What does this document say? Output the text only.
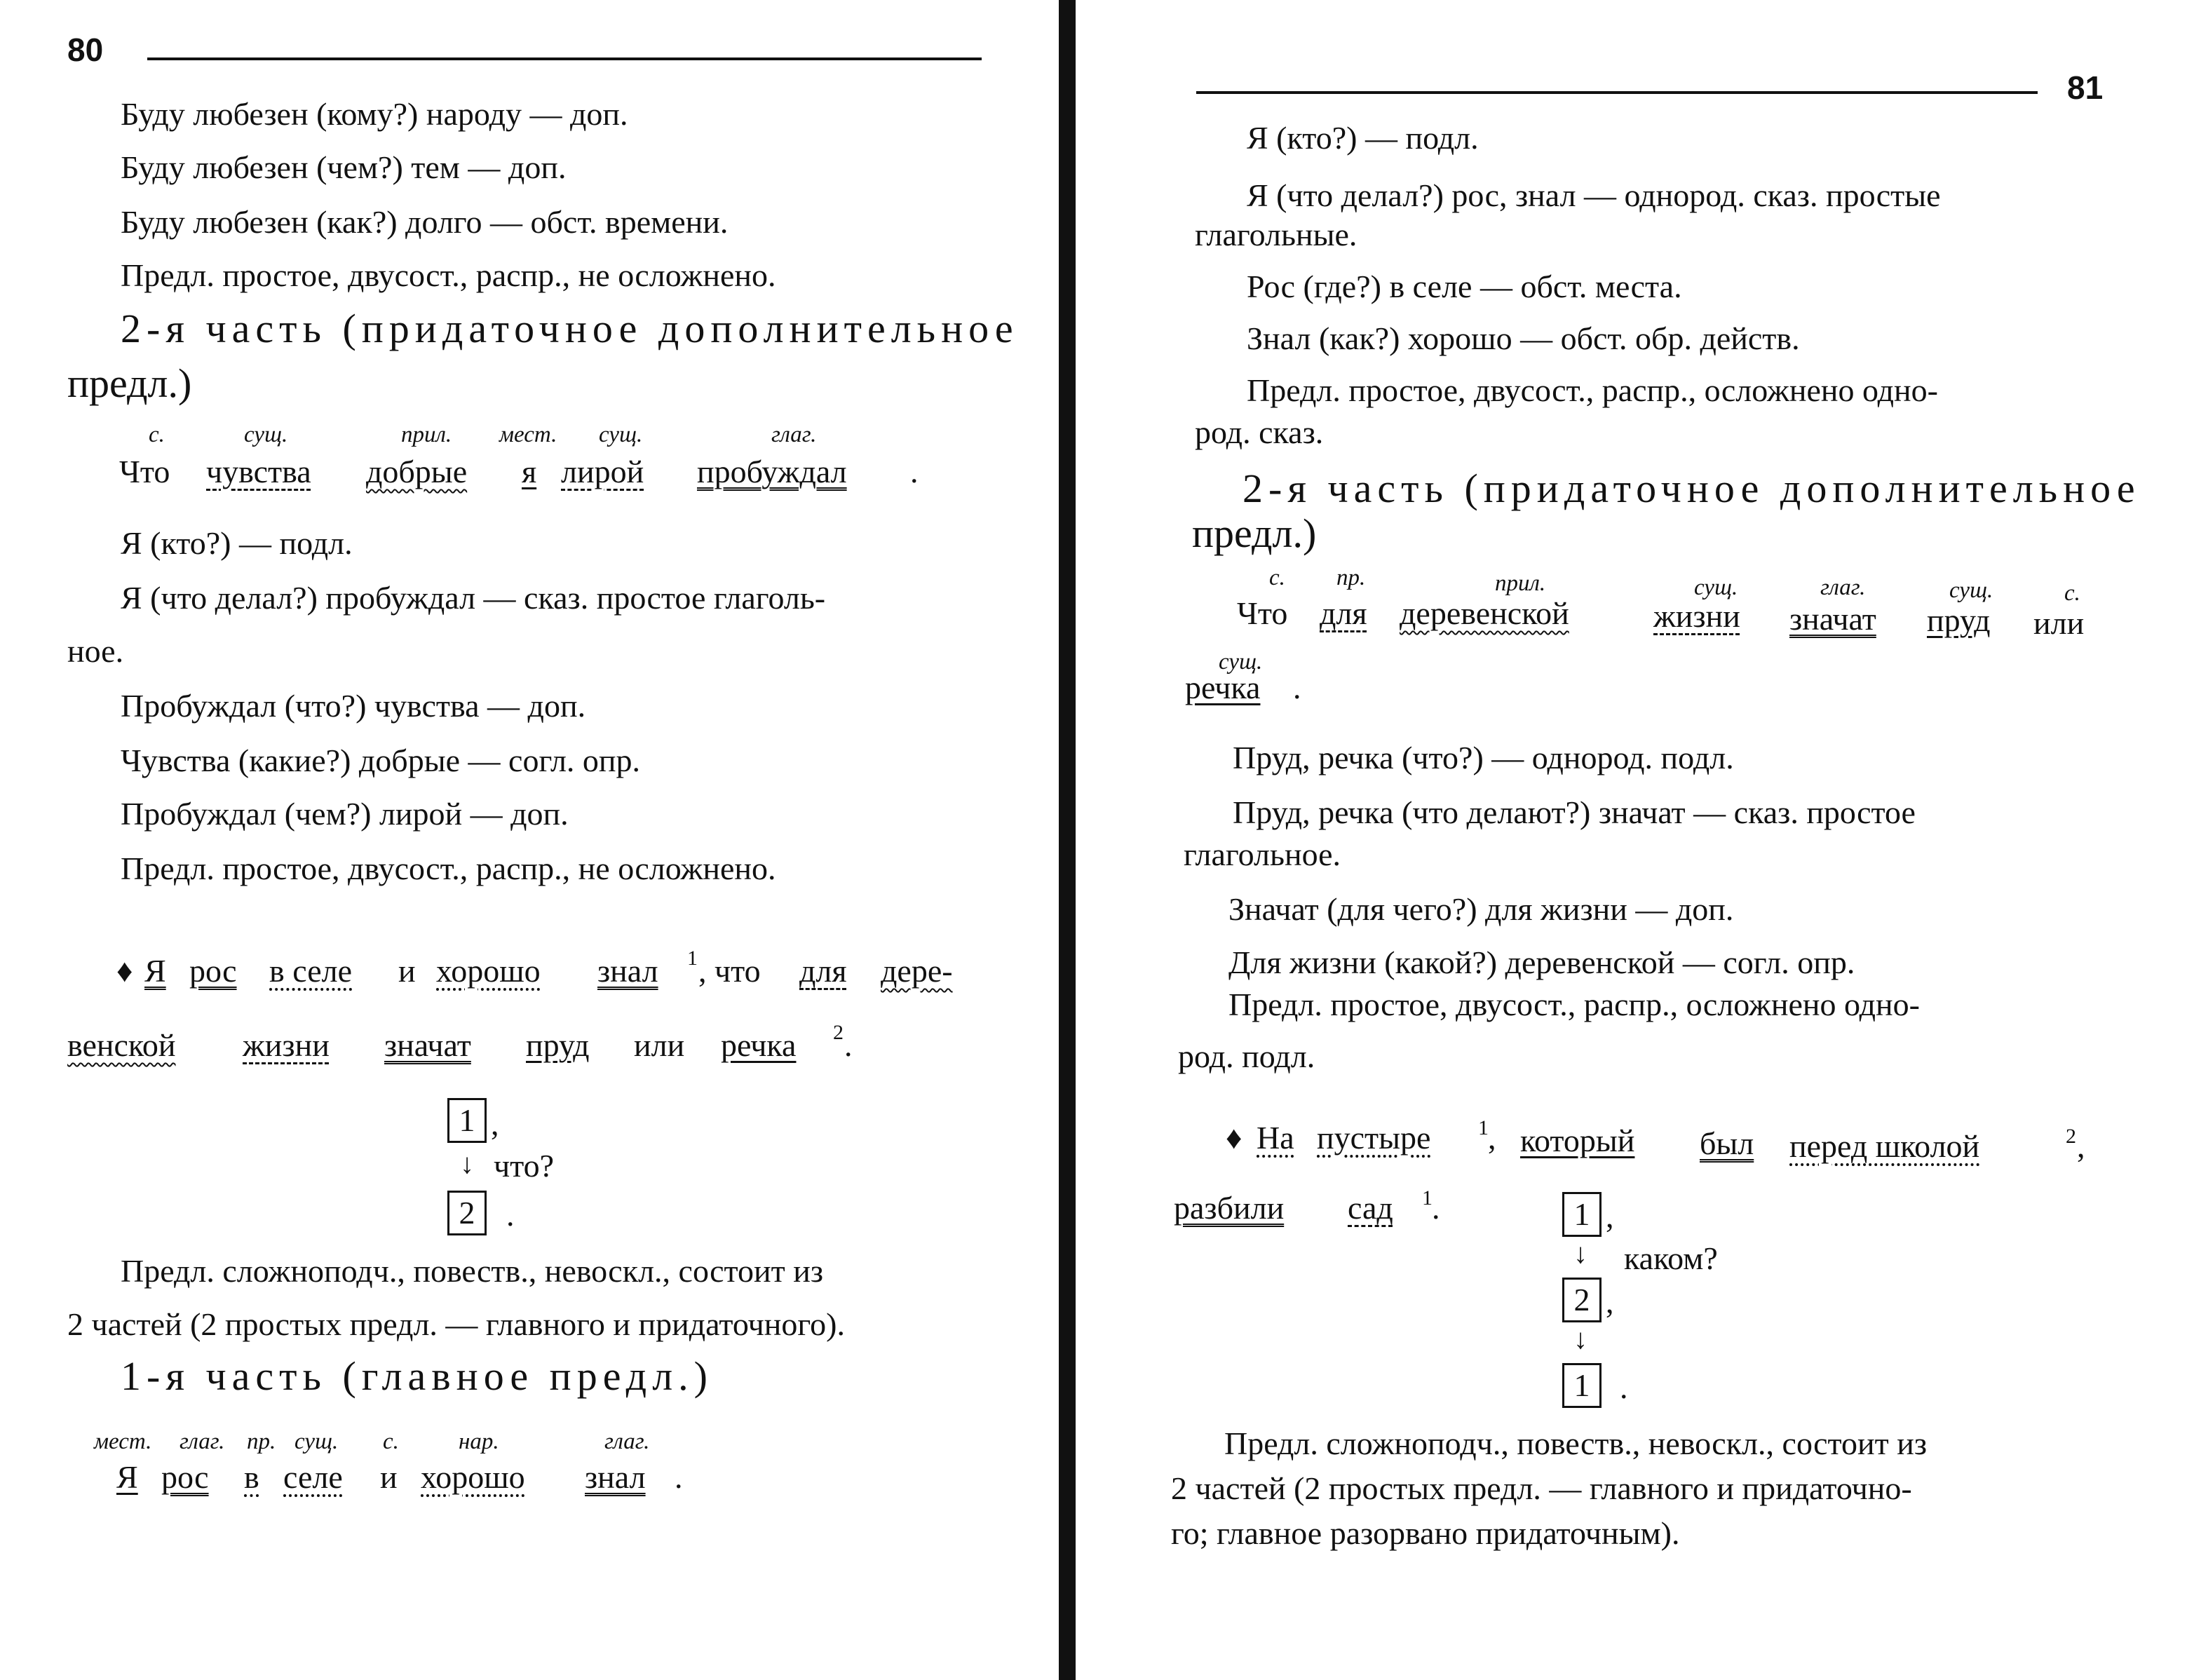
80
Буду любезен (кому?) народу — доп.
Буду любезен (чем?) тем — доп.
Буду любезен (как?) долго — обст. времени.
Предл. простое, двусост., распр., не осложнено.
2-я часть (придаточное дополнительное
предл.)
с.	сущ.	прил. мест. сущ.	глаг.
Что чувства добрые я лирой пробуждал .
Я (кто?) — подл.
Я (что делал?) пробуждал — сказ. простое глаголь-
ное.
Пробуждал (что?) чувства — доп.
Чувства (какие?) добрые — согл. опр.
Пробуждал (чем?) лирой — доп.
Предл. простое, двусост., распр., не осложнено.
♦ Я рос в селе и хорошо знал 1 , что для дере-
венской жизни значат пруд или речка 2 .
1 ,
↓ что?
2 .
Предл. сложноподч., повеств., невоскл., состоит из
2 частей (2 простых предл. — главного и придаточного).
1-я часть (главное предл.)
мест. глаг. пр. сущ. с.	нар.	глаг.
Я рос в селе и хорошо знал .
81
Я (кто?) — подл.
Я (что делал?) рос, знал — однород. сказ. простые
глагольные.
Рос (где?) в селе — обст. места.
Знал (как?) хорошо — обст. обр. действ.
Предл. простое, двусост., распр., осложнено одно-
род. сказ.
2-я часть (придаточное дополнительное
предл.)
с. пр.	прил.	сущ.	глаг.	сущ.	с.
сущ.
Что для деревенской	жизни значат пруд или
речка .
Пруд, речка (что?) — однород. подл.
Пруд, речка (что делают?) значат — сказ. простое
глагольное.
Значат (для чего?) для жизни — доп.
Для жизни (какой?) деревенской — согл. опр.
Предл. простое, двусост., распр., осложнено одно-
род. подл.
♦ На пустыре 1 , который был перед школой	2 ,
разбили сад 1 .	1 ,
↓ каком?
2 ,
↓
1 .
Предл. сложноподч., повеств., невоскл., состоит из
2 частей (2 простых предл. — главного и придаточно-
го; главное разорвано придаточным).
